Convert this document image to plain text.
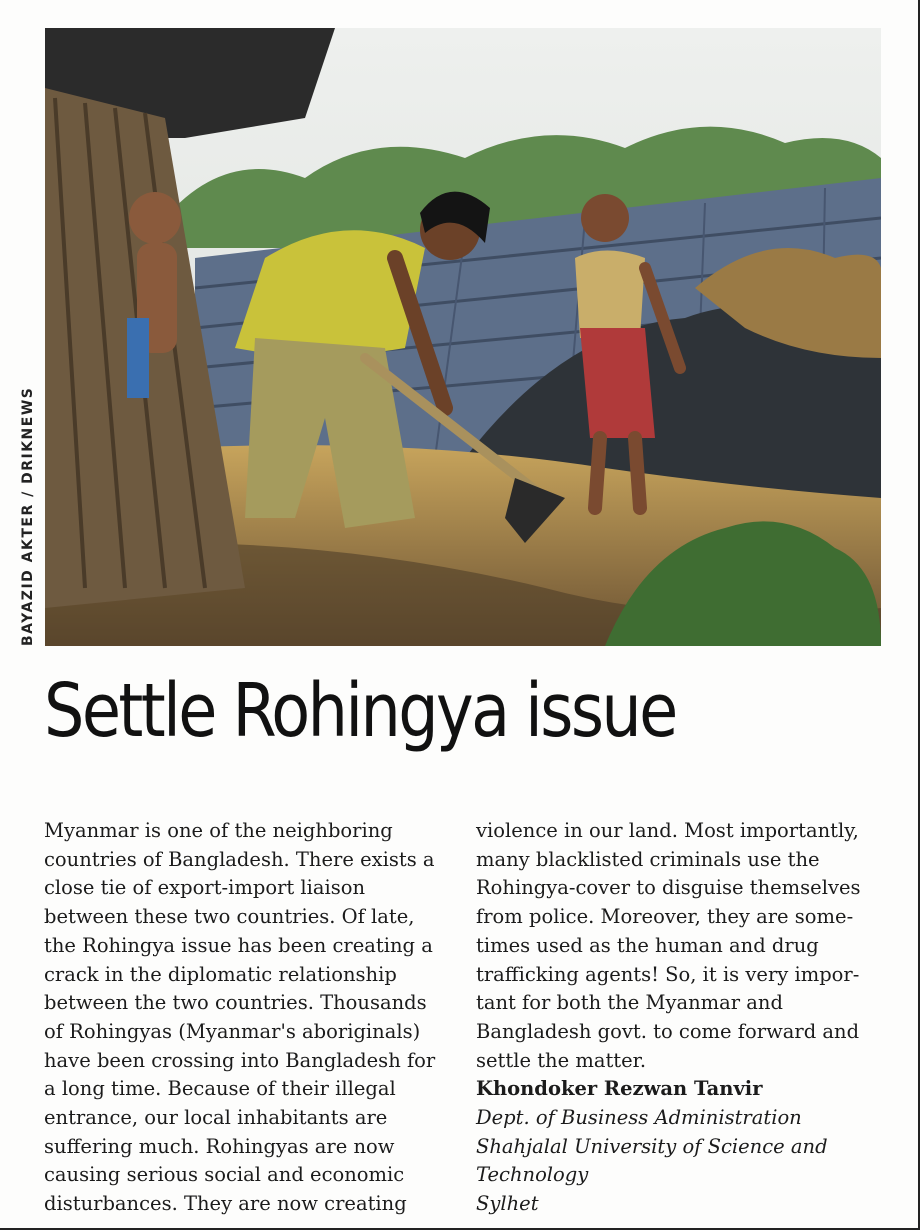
BAYAZID AKTER / DRIKNEWS
Settle Rohingya issue
Myanmar is one of the neighboring
countries of Bangladesh. There exists a
close tie of export-import liaison
between these two countries. Of late,
the Rohingya issue has been creating a
crack in the diplomatic relationship
between the two countries. Thousands
of Rohingyas (Myanmar's aboriginals)
have been crossing into Bangladesh for
a long time. Because of their illegal
entrance, our local inhabitants are
suffering much. Rohingyas are now
causing serious social and economic
disturbances. They are now creating
violence in our land. Most importantly,
many blacklisted criminals use the
Rohingya-cover to disguise themselves
from police. Moreover, they are some-
times used as the human and drug
trafficking agents! So, it is very impor-
tant for both the Myanmar and
Bangladesh govt. to come forward and
settle the matter.
Khondoker Rezwan Tanvir
Dept. of Business Administration
Shahjalal University of Science and
Technology
Sylhet
